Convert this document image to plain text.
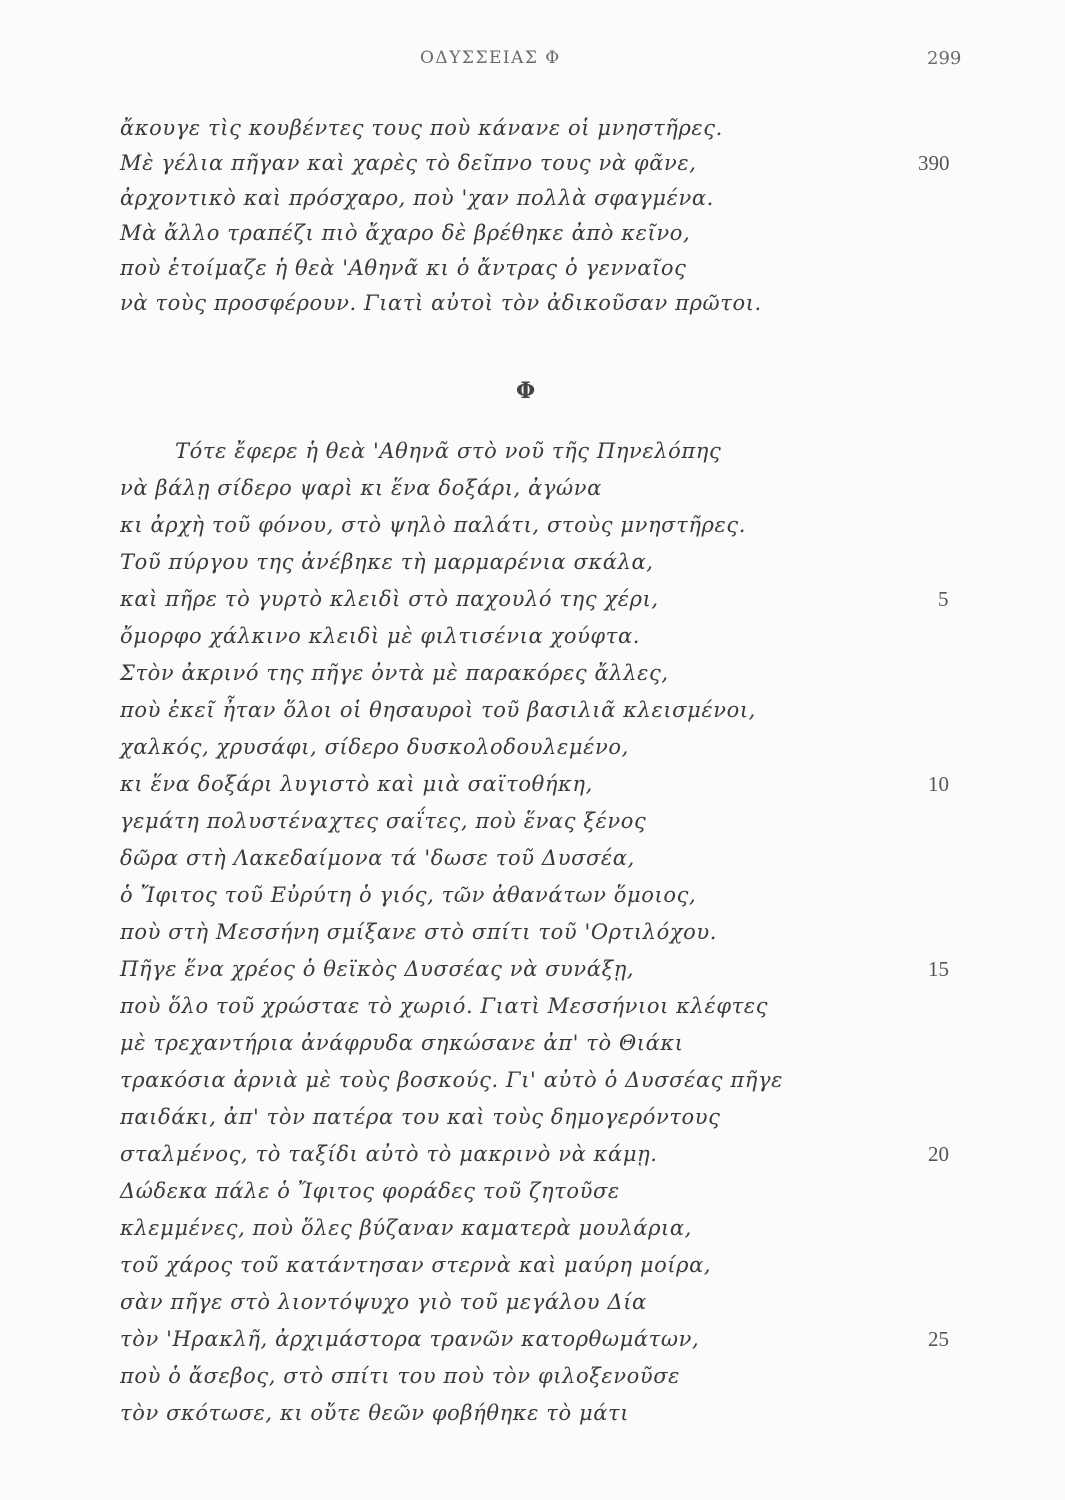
ΟΔΥΣΣΕΙΑΣ Φ	299
ἄκουγε τὶς κουβέντες τους ποὺ κάνανε οἱ μνηστῆρες.
Μὲ γέλια πῆγαν καὶ χαρὲς τὸ δεῖπνο τους νὰ φᾶνε,
ἀρχοντικὸ καὶ πρόσχαρο, ποὺ 'χαν πολλὰ σφαγμένα.
Μὰ ἄλλο τραπέζι πιὸ ἄχαρο δὲ βρέθηκε ἀπὸ κεῖνο,
ποὺ ἑτοίμαζε ἡ θεὰ 'Αθηνᾶ κι ὁ ἄντρας ὁ γενναῖος
νὰ τοὺς προσφέρουν. Γιατὶ αὐτοὶ τὸν ἀδικοῦσαν πρῶτοι.
390
Φ
Τότε ἔφερε ἡ θεὰ 'Αθηνᾶ στὸ νοῦ τῆς Πηνελόπης
νὰ βάλῃ σίδερο ψαρὶ κι ἕνα δοξάρι, ἀγώνα
κι ἀρχὴ τοῦ φόνου, στὸ ψηλὸ παλάτι, στοὺς μνηστῆρες.
Τοῦ πύργου της ἀνέβηκε τὴ μαρμαρένια σκάλα,
καὶ πῆρε τὸ γυρτὸ κλειδὶ στὸ παχουλό της χέρι,
ὄμορφο χάλκινο κλειδὶ μὲ φιλτισένια χούφτα.
Στὸν ἀκρινό της πῆγε ὀντὰ μὲ παρακόρες ἄλλες,
ποὺ ἐκεῖ ἦταν ὅλοι οἱ θησαυροὶ τοῦ βασιλιᾶ κλεισμένοι,
χαλκός, χρυσάφι, σίδερο δυσκολοδουλεμένο,
κι ἕνα δοξάρι λυγιστὸ καὶ μιὰ σαϊτοθήκη,
γεμάτη πολυστέναχτες σαΐτες, ποὺ ἕνας ξένος
δῶρα στὴ Λακεδαίμονα τά 'δωσε τοῦ Δυσσέα,
ὁ Ἴφιτος τοῦ Εὐρύτη ὁ γιός, τῶν ἀθανάτων ὅμοιος,
ποὺ στὴ Μεσσήνη σμίξανε στὸ σπίτι τοῦ 'Ορτιλόχου.
Πῆγε ἕνα χρέος ὁ θεϊκὸς Δυσσέας νὰ συνάξῃ,
ποὺ ὅλο τοῦ χρώσταε τὸ χωριό. Γιατὶ Μεσσήνιοι κλέφτες
μὲ τρεχαντήρια ἀνάφρυδα σηκώσανε ἀπ' τὸ Θιάκι
τρακόσια ἀρνιὰ μὲ τοὺς βοσκούς. Γι' αὐτὸ ὁ Δυσσέας πῆγε
παιδάκι, ἀπ' τὸν πατέρα του καὶ τοὺς δημογερόντους
σταλμένος, τὸ ταξίδι αὐτὸ τὸ μακρινὸ νὰ κάμῃ.
Δώδεκα πάλε ὁ Ἴφιτος φοράδες τοῦ ζητοῦσε
κλεμμένες, ποὺ ὅλες βύζαναν καματερὰ μουλάρια,
τοῦ χάρος τοῦ κατάντησαν στερνὰ καὶ μαύρη μοίρα,
σὰν πῆγε στὸ λιοντόψυχο γιὸ τοῦ μεγάλου Δία
τὸν 'Ηρακλῆ, ἀρχιμάστορα τρανῶν κατορθωμάτων,
ποὺ ὁ ἄσεβος, στὸ σπίτι του ποὺ τὸν φιλοξενοῦσε
τὸν σκότωσε, κι οὔτε θεῶν φοβήθηκε τὸ μάτι
5
10
15
20
25
